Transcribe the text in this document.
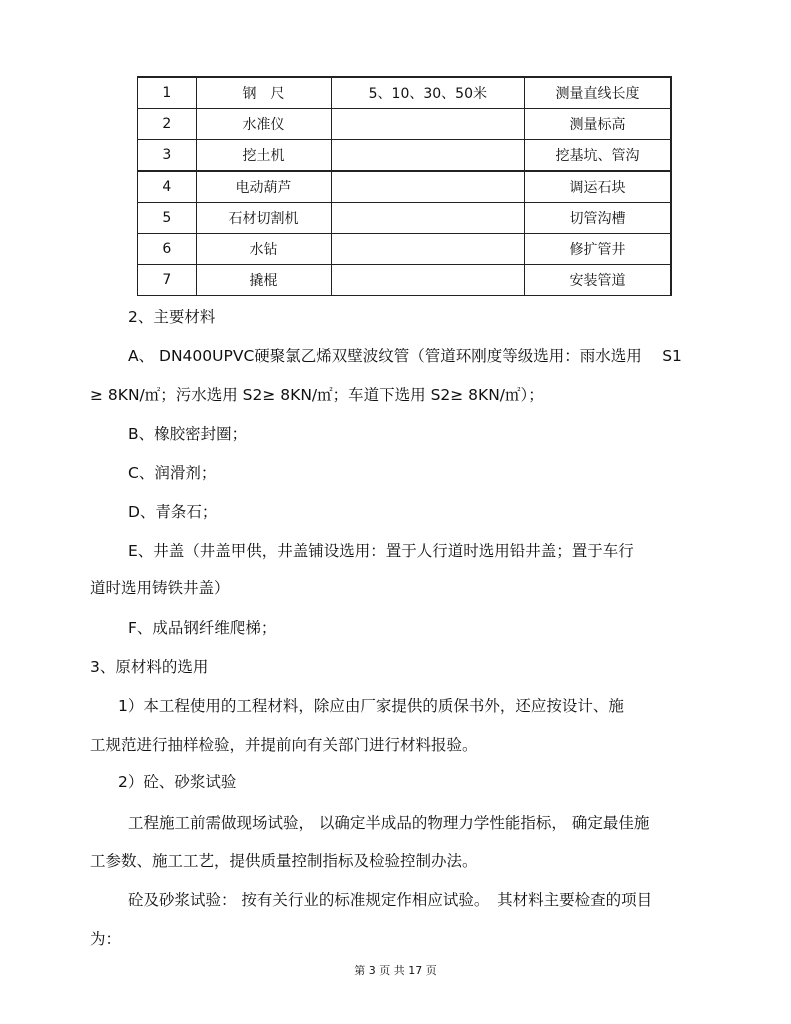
1	钢　尺	5、10、30、50米	测量直线长度
2	水准仪		测量标高
3	挖土机		挖基坑、管沟
4	电动葫芦		调运石块
5	石材切割机		切管沟槽
6	水钻		修扩管井
7	撬棍		安装管道
2、主要材料
A、 DN400UPVC硬聚氯乙烯双壁波纹管（管道环刚度等级选用：雨水选用 　S1
≥ 8KN/㎡；污水选用 S2≥ 8KN/㎡；车道下选用 S2≥ 8KN/㎡）；
B、橡胶密封圈；
C、润滑剂；
D、青条石；
E、井盖（井盖甲供，井盖铺设选用：置于人行道时选用铅井盖；置于车行
道时选用铸铁井盖）
F、成品钢纤维爬梯；
3、原材料的选用
1）本工程使用的工程材料，除应由厂家提供的质保书外，还应按设计、施
工规范进行抽样检验，并提前向有关部门进行材料报验。
2）砼、砂浆试验
工程施工前需做现场试验， 以确定半成品的物理力学性能指标， 确定最佳施
工参数、施工工艺，提供质量控制指标及检验控制办法。
砼及砂浆试验： 按有关行业的标准规定作相应试验。　其材料主要检查的项目
为：
第 3 页 共 17 页
